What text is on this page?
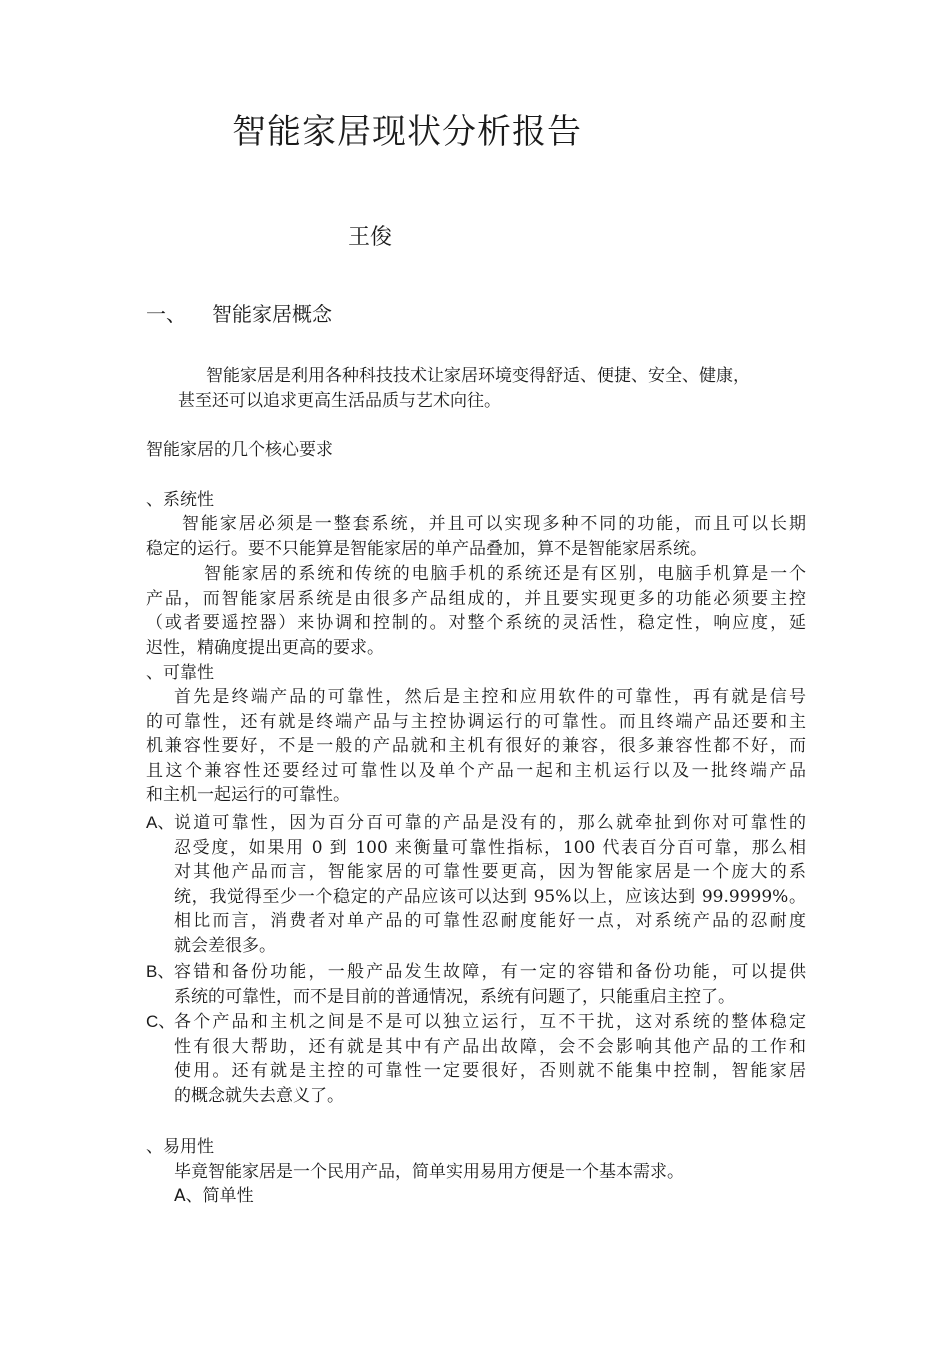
智能家居现状分析报告
王俊
一、 智能家居概念
智能家居是利用各种科技技术让家居环境变得舒适、便捷、安全、健康，
甚至还可以追求更高生活品质与艺术向往。
智能家居的几个核心要求
、系统性
智能家居必须是一整套系统，并且可以实现多种不同的功能，而且可以长期
稳定的运行。要不只能算是智能家居的单产品叠加，算不是智能家居系统。
智能家居的系统和传统的电脑手机的系统还是有区别，电脑手机算是一个
产品，而智能家居系统是由很多产品组成的，并且要实现更多的功能必须要主控
（或者要遥控器）来协调和控制的。对整个系统的灵活性，稳定性，响应度，延
迟性，精确度提出更高的要求。
、可靠性
首先是终端产品的可靠性，然后是主控和应用软件的可靠性，再有就是信号
的可靠性，还有就是终端产品与主控协调运行的可靠性。而且终端产品还要和主
机兼容性要好，不是一般的产品就和主机有很好的兼容，很多兼容性都不好，而
且这个兼容性还要经过可靠性以及单个产品一起和主机运行以及一批终端产品
和主机一起运行的可靠性。
A、说道可靠性，因为百分百可靠的产品是没有的，那么就牵扯到你对可靠性的
忍受度，如果用 0 到 100 来衡量可靠性指标，100 代表百分百可靠，那么相
对其他产品而言，智能家居的可靠性要更高，因为智能家居是一个庞大的系
统，我觉得至少一个稳定的产品应该可以达到 95%以上，应该达到 99.9999%。
相比而言，消费者对单产品的可靠性忍耐度能好一点，对系统产品的忍耐度
就会差很多。
B、容错和备份功能，一般产品发生故障，有一定的容错和备份功能，可以提供
系统的可靠性，而不是目前的普通情况，系统有问题了，只能重启主控了。
C、各个产品和主机之间是不是可以独立运行，互不干扰，这对系统的整体稳定
性有很大帮助，还有就是其中有产品出故障，会不会影响其他产品的工作和
使用。还有就是主控的可靠性一定要很好，否则就不能集中控制，智能家居
的概念就失去意义了。
、易用性
毕竟智能家居是一个民用产品，简单实用易用方便是一个基本需求。
A、简单性
